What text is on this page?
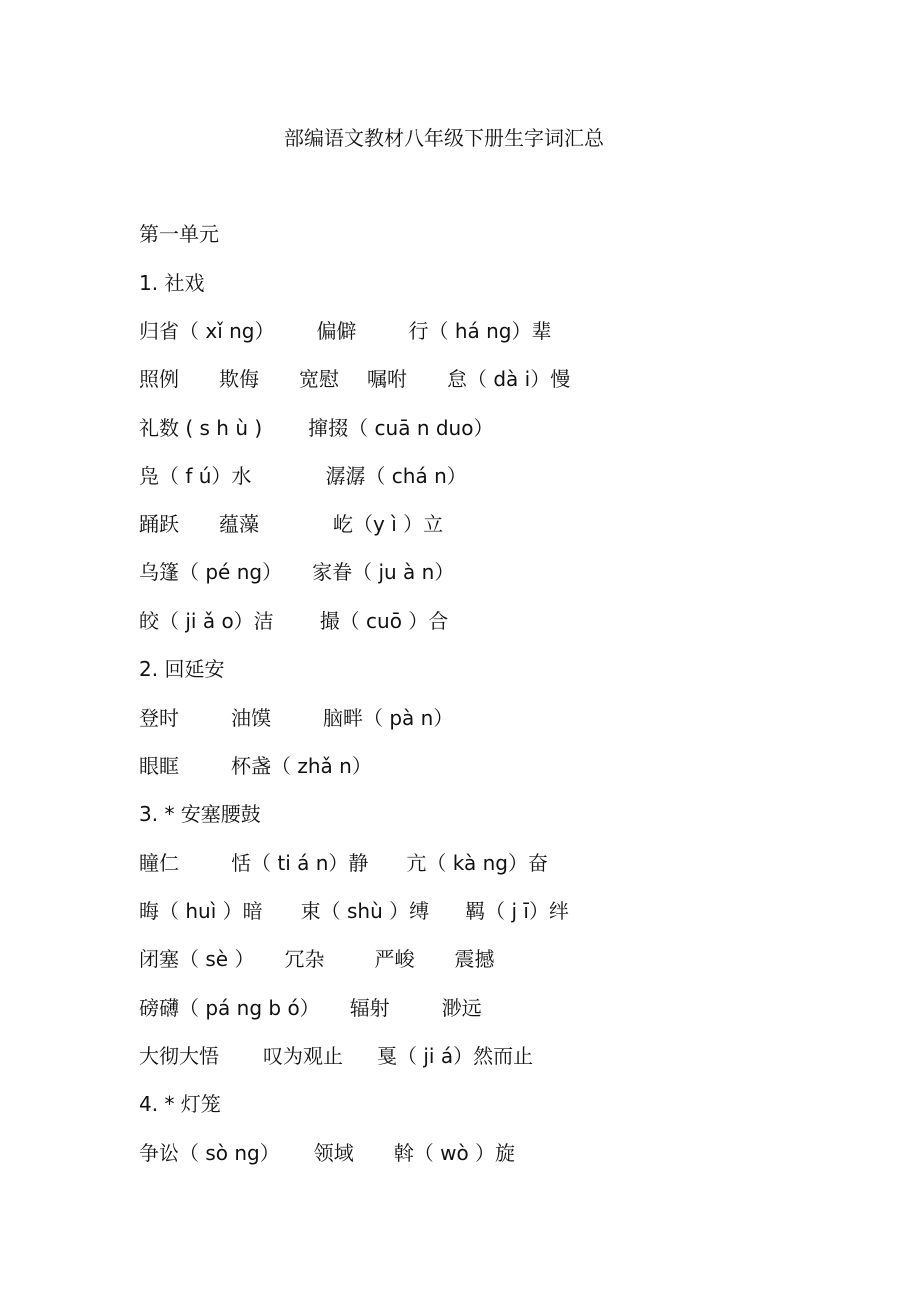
部编语文教材八年级下册生字词汇总
第一单元
1. 社戏
归省（ xǐ ng） 偏僻	行（ há ng）辈
照例 欺侮 宽慰 嘱咐 怠（ dà i）慢
礼数 ( s h ù ) 撺掇（ cuā n duo）
凫（ f ú）水	潺潺（ chá n）
踊跃 蕴藻	屹（y ì ）立
乌篷（ pé ng） 家眷（ ju à n）
皎（ ji ǎ o）洁 撮（ cuō ）合
2. 回延安
登时	油馍	脑畔（ pà n）
眼眶	杯盏（ zhǎ n）
3. * 安塞腰鼓
瞳仁	恬（ ti á n）静 亢（ kà ng）奋
晦（ huì ）暗 束（ shù ）缚 羁（ j ī）绊
闭塞（ sè ） 冗杂	严峻 震撼
磅礴（ pá ng b ó） 辐射	渺远
大彻大悟 叹为观止 戛（ ji á）然而止
4. * 灯笼
争讼（ sò ng） 领域 斡（ wò ）旋
